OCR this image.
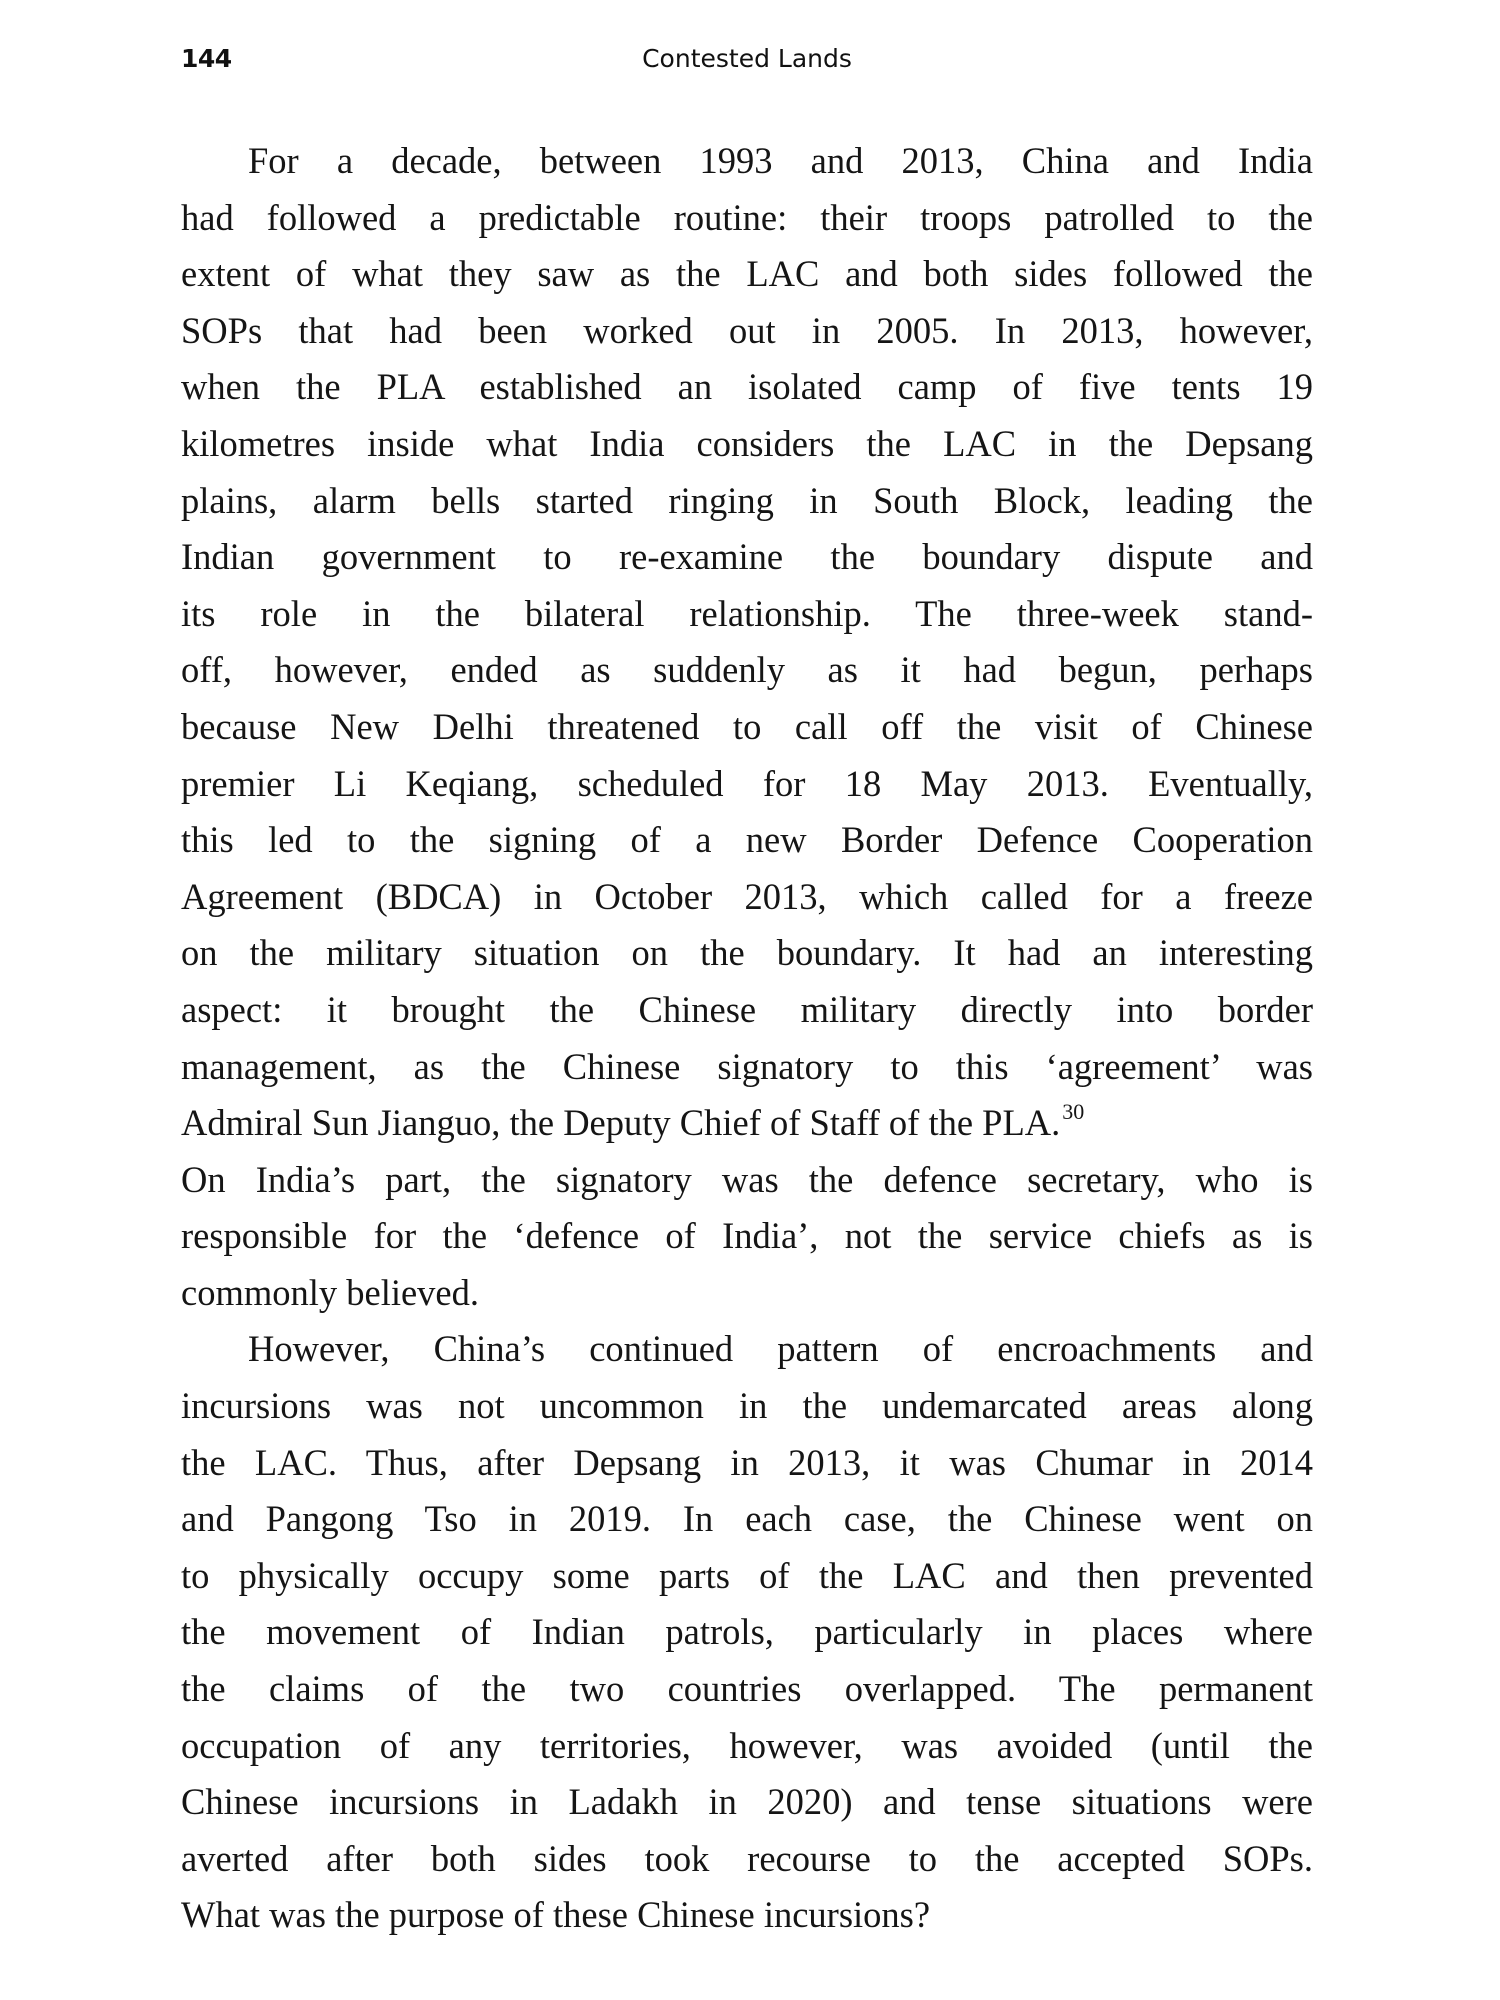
144	Contested Lands
For a decade, between 1993 and 2013, China and India
had followed a predictable routine: their troops patrolled to the
extent of what they saw as the LAC and both sides followed the
SOPs that had been worked out in 2005. In 2013, however,
when the PLA established an isolated camp of five tents 19
kilometres inside what India considers the LAC in the Depsang
plains, alarm bells started ringing in South Block, leading the
Indian government to re-examine the boundary dispute and
its role in the bilateral relationship. The three-week stand-
off, however, ended as suddenly as it had begun, perhaps
because New Delhi threatened to call off the visit of Chinese
premier Li Keqiang, scheduled for 18 May 2013. Eventually,
this led to the signing of a new Border Defence Cooperation
Agreement (BDCA) in October 2013, which called for a freeze
on the military situation on the boundary. It had an interesting
aspect: it brought the Chinese military directly into border
management, as the Chinese signatory to this ‘agreement’ was
Admiral Sun Jianguo, the Deputy Chief of Staff of the PLA.$^{30}$
On India’s part, the signatory was the defence secretary, who is
responsible for the ‘defence of India’, not the service chiefs as is
commonly believed.
However, China’s continued pattern of encroachments and
incursions was not uncommon in the undemarcated areas along
the LAC. Thus, after Depsang in 2013, it was Chumar in 2014
and Pangong Tso in 2019. In each case, the Chinese went on
to physically occupy some parts of the LAC and then prevented
the movement of Indian patrols, particularly in places where
the claims of the two countries overlapped. The permanent
occupation of any territories, however, was avoided (until the
Chinese incursions in Ladakh in 2020) and tense situations were
averted after both sides took recourse to the accepted SOPs.
What was the purpose of these Chinese incursions?
